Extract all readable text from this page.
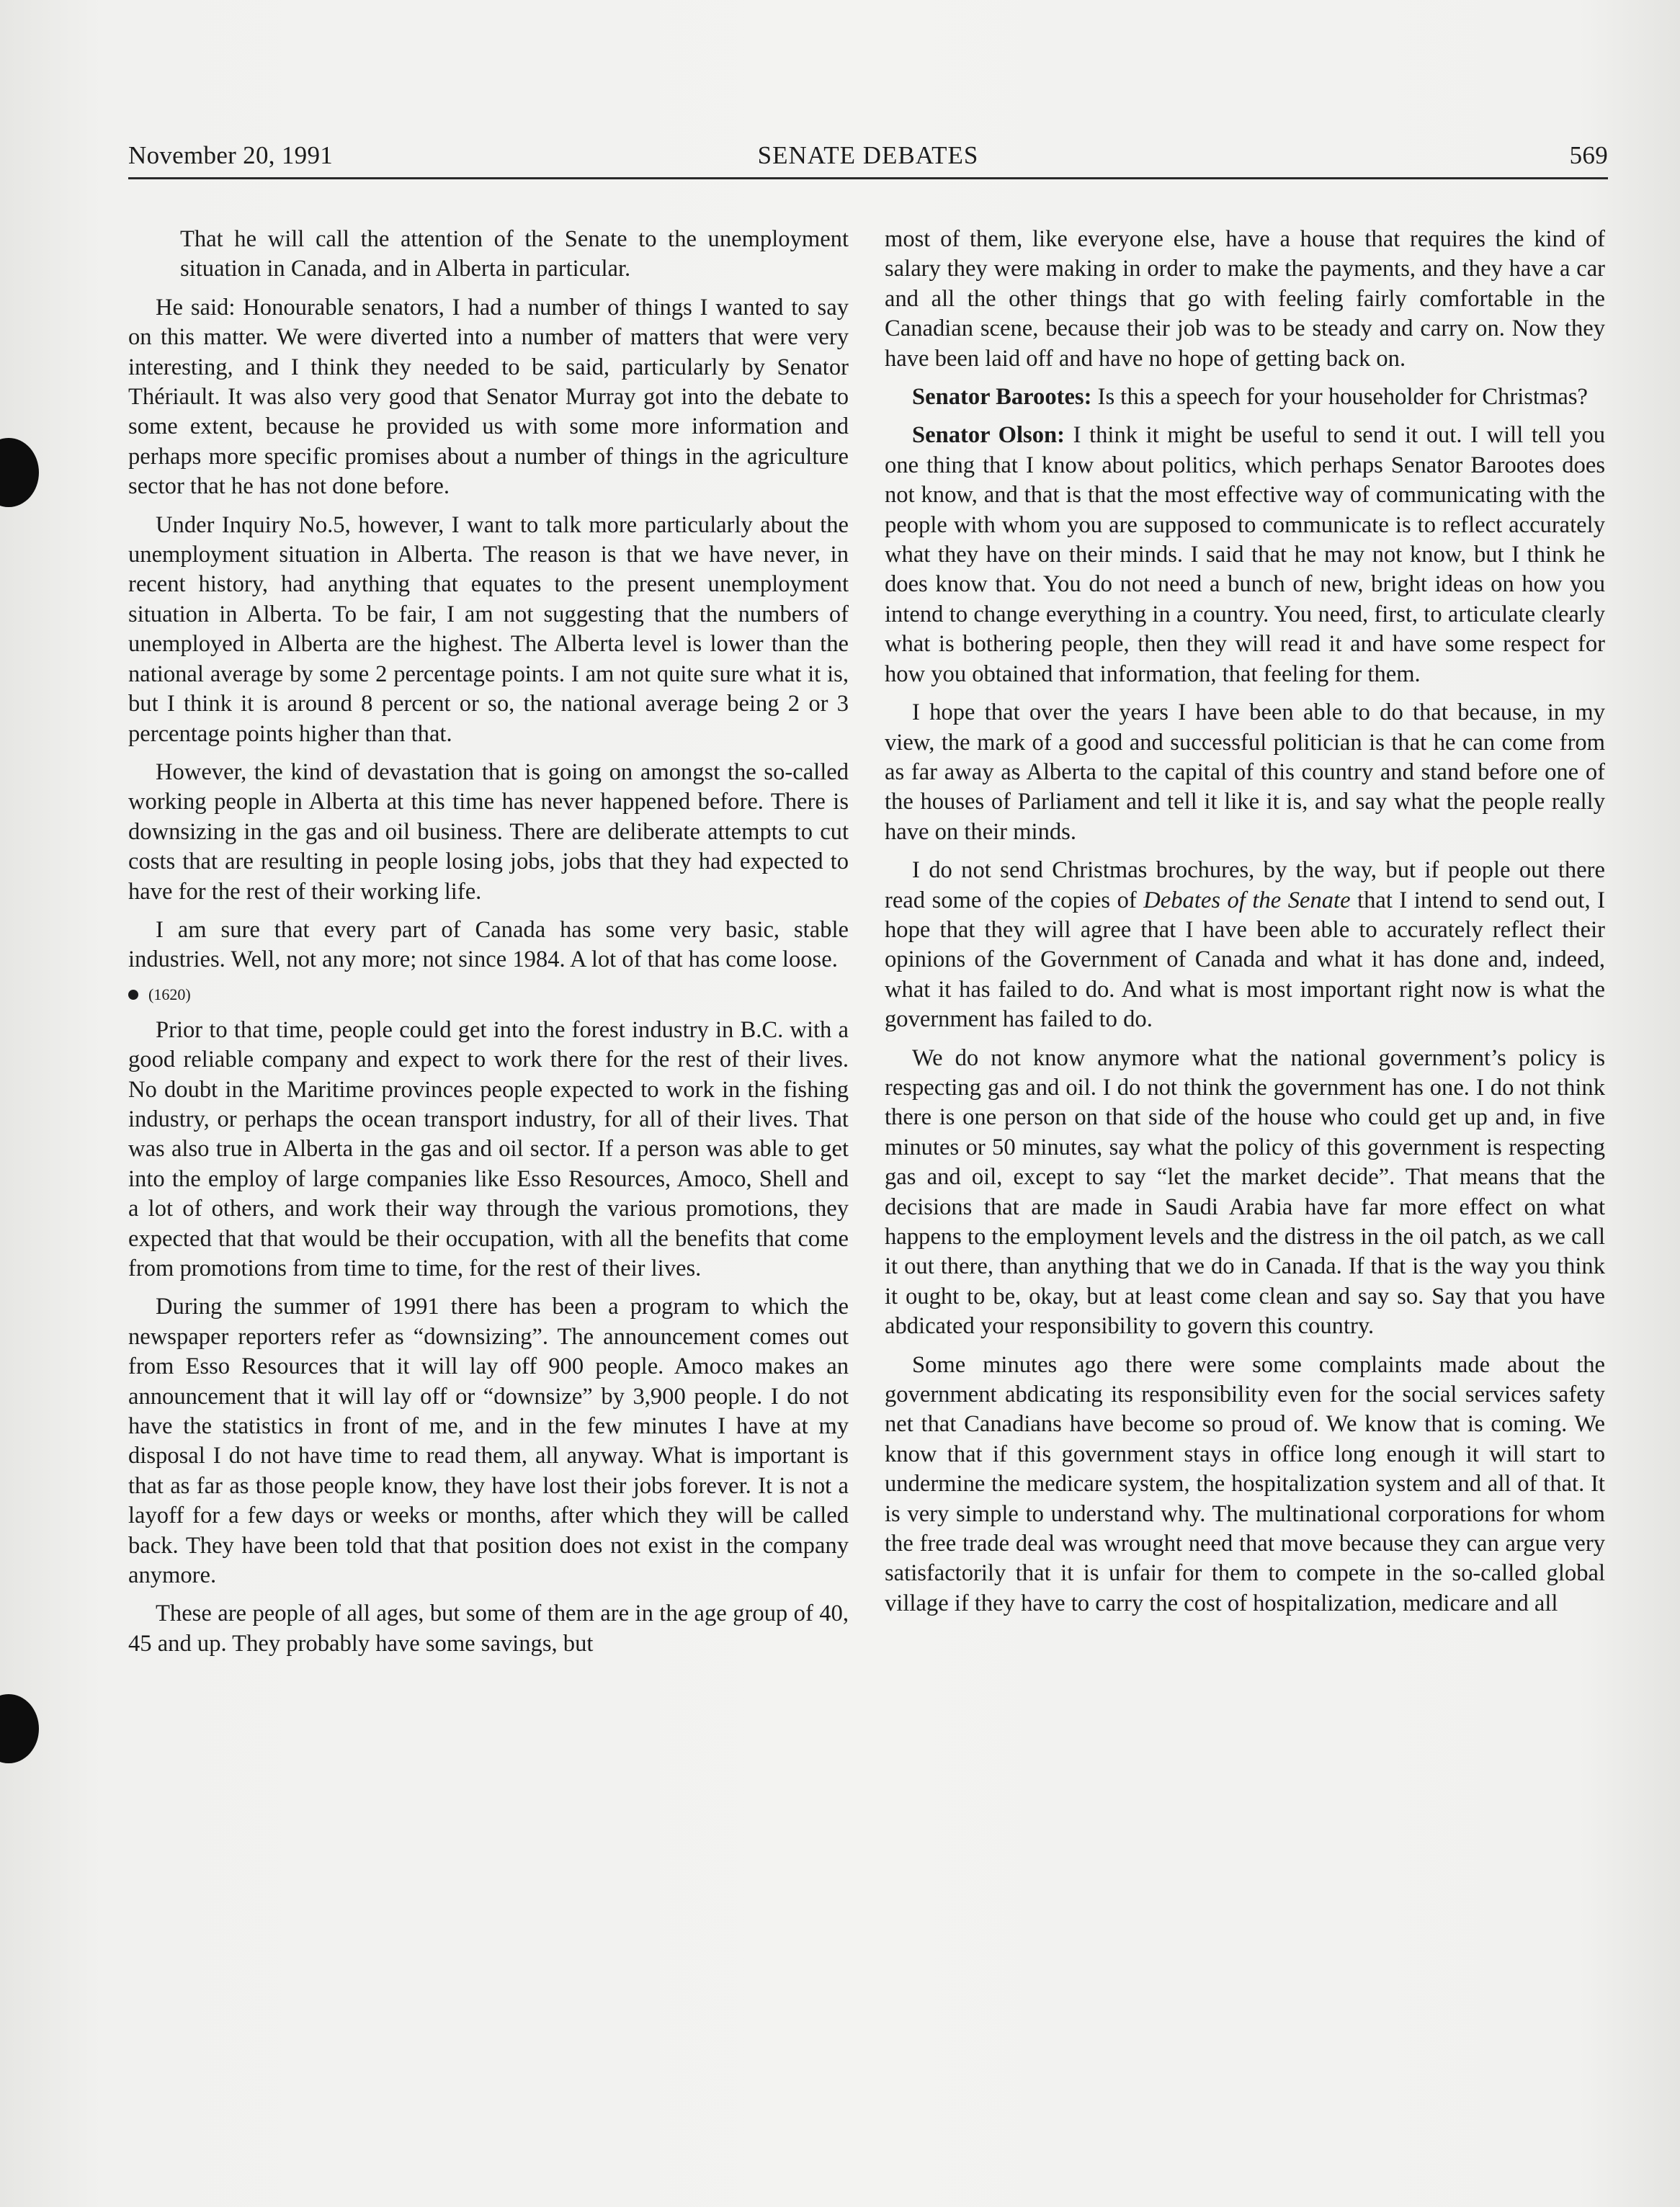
November 20, 1991	SENATE DEBATES	569

That he will call the attention of the Senate to the unemployment situation in Canada, and in Alberta in particular.

He said: Honourable senators, I had a number of things I wanted to say on this matter. We were diverted into a number of matters that were very interesting, and I think they needed to be said, particularly by Senator Thériault. It was also very good that Senator Murray got into the debate to some extent, because he provided us with some more information and perhaps more specific promises about a number of things in the agriculture sector that he has not done before.

Under Inquiry No.5, however, I want to talk more particularly about the unemployment situation in Alberta. The reason is that we have never, in recent history, had anything that equates to the present unemployment situation in Alberta. To be fair, I am not suggesting that the numbers of unemployed in Alberta are the highest. The Alberta level is lower than the national average by some 2 percentage points. I am not quite sure what it is, but I think it is around 8 percent or so, the national average being 2 or 3 percentage points higher than that.

However, the kind of devastation that is going on amongst the so-called working people in Alberta at this time has never happened before. There is downsizing in the gas and oil business. There are deliberate attempts to cut costs that are resulting in people losing jobs, jobs that they had expected to have for the rest of their working life.

I am sure that every part of Canada has some very basic, stable industries. Well, not any more; not since 1984. A lot of that has come loose.

(1620)

Prior to that time, people could get into the forest industry in B.C. with a good reliable company and expect to work there for the rest of their lives. No doubt in the Maritime provinces people expected to work in the fishing industry, or perhaps the ocean transport industry, for all of their lives. That was also true in Alberta in the gas and oil sector. If a person was able to get into the employ of large companies like Esso Resources, Amoco, Shell and a lot of others, and work their way through the various promotions, they expected that that would be their occupation, with all the benefits that come from promotions from time to time, for the rest of their lives.

During the summer of 1991 there has been a program to which the newspaper reporters refer as “downsizing”. The announcement comes out from Esso Resources that it will lay off 900 people. Amoco makes an announcement that it will lay off or “downsize” by 3,900 people. I do not have the statistics in front of me, and in the few minutes I have at my disposal I do not have time to read them, all anyway. What is important is that as far as those people know, they have lost their jobs forever. It is not a layoff for a few days or weeks or months, after which they will be called back. They have been told that that position does not exist in the company anymore.

These are people of all ages, but some of them are in the age group of 40, 45 and up. They probably have some savings, but

most of them, like everyone else, have a house that requires the kind of salary they were making in order to make the payments, and they have a car and all the other things that go with feeling fairly comfortable in the Canadian scene, because their job was to be steady and carry on. Now they have been laid off and have no hope of getting back on.

Senator Barootes: Is this a speech for your householder for Christmas?

Senator Olson: I think it might be useful to send it out. I will tell you one thing that I know about politics, which perhaps Senator Barootes does not know, and that is that the most effective way of communicating with the people with whom you are supposed to communicate is to reflect accurately what they have on their minds. I said that he may not know, but I think he does know that. You do not need a bunch of new, bright ideas on how you intend to change everything in a country. You need, first, to articulate clearly what is bothering people, then they will read it and have some respect for how you obtained that information, that feeling for them.

I hope that over the years I have been able to do that because, in my view, the mark of a good and successful politician is that he can come from as far away as Alberta to the capital of this country and stand before one of the houses of Parliament and tell it like it is, and say what the people really have on their minds.

I do not send Christmas brochures, by the way, but if people out there read some of the copies of Debates of the Senate that I intend to send out, I hope that they will agree that I have been able to accurately reflect their opinions of the Government of Canada and what it has done and, indeed, what it has failed to do. And what is most important right now is what the government has failed to do.

We do not know anymore what the national government’s policy is respecting gas and oil. I do not think the government has one. I do not think there is one person on that side of the house who could get up and, in five minutes or 50 minutes, say what the policy of this government is respecting gas and oil, except to say “let the market decide”. That means that the decisions that are made in Saudi Arabia have far more effect on what happens to the employment levels and the distress in the oil patch, as we call it out there, than anything that we do in Canada. If that is the way you think it ought to be, okay, but at least come clean and say so. Say that you have abdicated your responsibility to govern this country.

Some minutes ago there were some complaints made about the government abdicating its responsibility even for the social services safety net that Canadians have become so proud of. We know that is coming. We know that if this government stays in office long enough it will start to undermine the medicare system, the hospitalization system and all of that. It is very simple to understand why. The multinational corporations for whom the free trade deal was wrought need that move because they can argue very satisfactorily that it is unfair for them to compete in the so-called global village if they have to carry the cost of hospitalization, medicare and all
